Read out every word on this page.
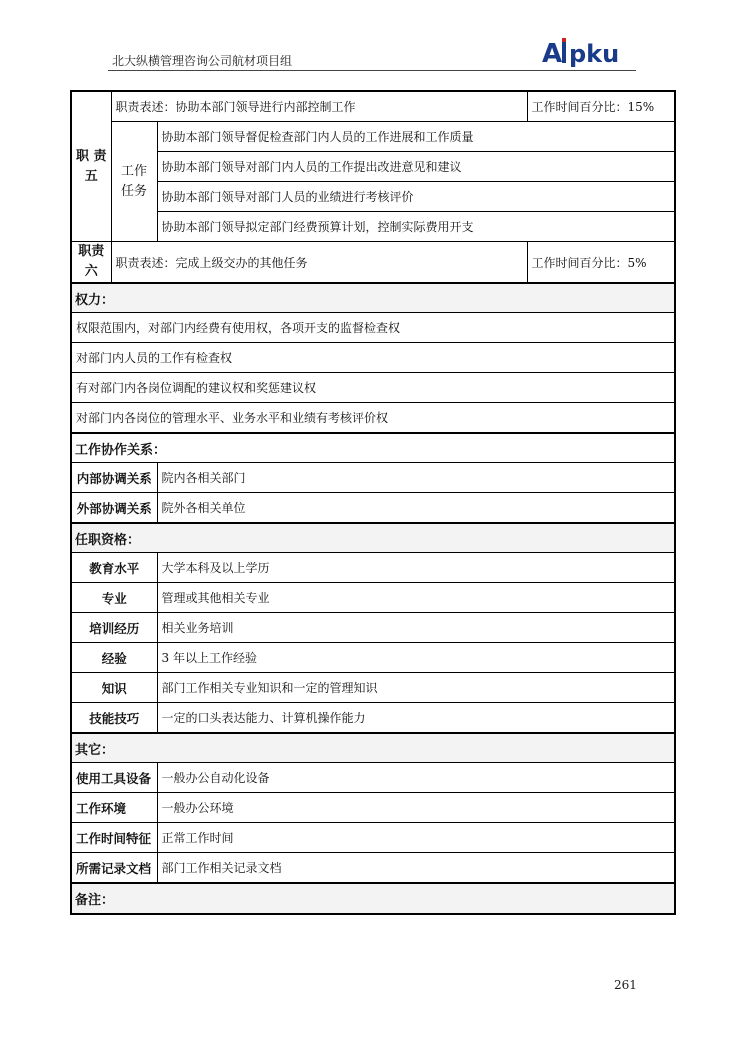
北大纵横管理咨询公司航材项目组	A pku
职 责 五	职责表述：协助本部门领导进行内部控制工作		工作时间百分比：15%
	工作任务	协助本部门领导督促检查部门内人员的工作进展和工作质量	
		协助本部门领导对部门内人员的工作提出改进意见和建议	
		协助本部门领导对部门人员的业绩进行考核评价	
		协助本部门领导拟定部门经费预算计划，控制实际费用开支	
职责六	职责表述：完成上级交办的其他任务		工作时间百分比：5%
权力：			
权限范围内，对部门内经费有使用权，各项开支的监督检查权			
对部门内人员的工作有检查权			
有对部门内各岗位调配的建议权和奖惩建议权			
对部门内各岗位的管理水平、业务水平和业绩有考核评价权			
工作协作关系：			
内部协调关系		院内各相关部门	
外部协调关系		院外各相关单位	
任职资格：			
教育水平		大学本科及以上学历	
专业		管理或其他相关专业	
培训经历		相关业务培训	
经验		3 年以上工作经验	
知识		部门工作相关专业知识和一定的管理知识	
技能技巧		一定的口头表达能力、计算机操作能力	
其它：			
使用工具设备		一般办公自动化设备	
工作环境		一般办公环境	
工作时间特征		正常工作时间	
所需记录文档		部门工作相关记录文档	
备注：			
261
